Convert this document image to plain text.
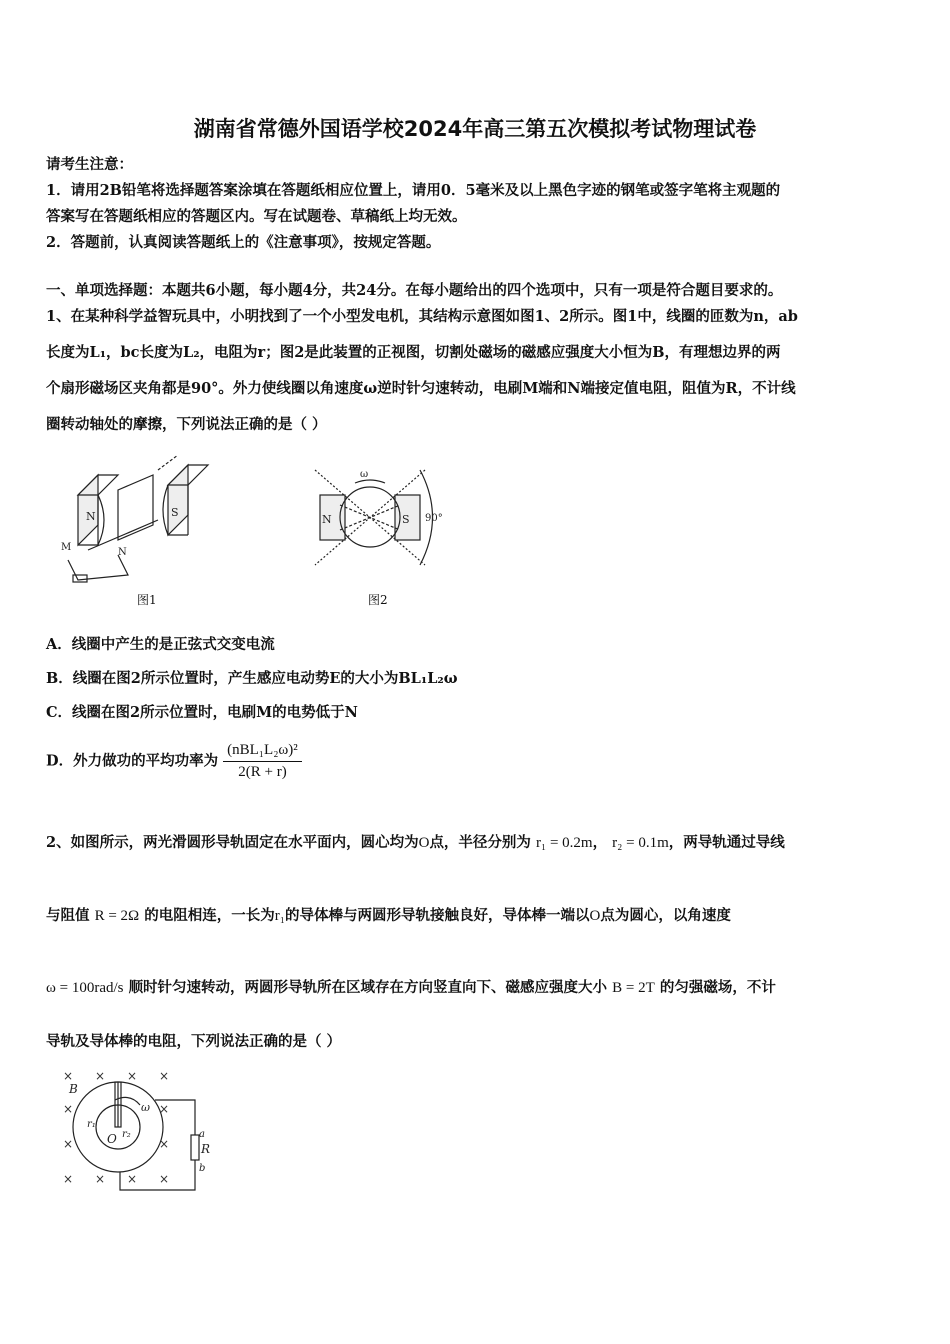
湖南省常德外国语学校2024年高三第五次模拟考试物理试卷
请考生注意：
1．请用2B铅笔将选择题答案涂填在答题纸相应位置上，请用0．5毫米及以上黑色字迹的钢笔或签字笔将主观题的
答案写在答题纸相应的答题区内。写在试题卷、草稿纸上均无效。
2．答题前，认真阅读答题纸上的《注意事项》，按规定答题。
一、单项选择题：本题共6小题，每小题4分，共24分。在每小题给出的四个选项中，只有一项是符合题目要求的。
1、在某种科学益智玩具中，小明找到了一个小型发电机，其结构示意图如图1、2所示。图1中，线圈的匝数为n，ab
长度为L₁，bc长度为L₂，电阻为r；图2是此装置的正视图，切割处磁场的磁感应强度大小恒为B，有理想边界的两
个扇形磁场区夹角都是90°。外力使线圈以角速度ω逆时针匀速转动，电刷M端和N端接定值电阻，阻值为R，不计线
圈转动轴处的摩擦，下列说法正确的是（ ）
N	S
M	N
图1
N	S
ω
90°
图2
A．线圈中产生的是正弦式交变电流
B．线圈在图2所示位置时，产生感应电动势E的大小为BL₁L₂ω
C．线圈在图2所示位置时，电刷M的电势低于N
D．外力做功的平均功率为 $\frac{\text{(nBL₁L₂ω)²}}{2(R + r)}$
2、如图所示，两光滑圆形导轨固定在水平面内，圆心均为O点，半径分别为 r₁ = 0.2m， r₂ = 0.1m，两导轨通过导线
与阻值 R = 2Ω 的电阻相连，一长为r₁的导体棒与两圆形导轨接触良好，导体棒一端以O点为圆心，以角速度
ω = 100rad/s 顺时针匀速转动，两圆形导轨所在区域存在方向竖直向下、磁感应强度大小 B = 2T 的匀强磁场，不计
导轨及导体棒的电阻，下列说法正确的是（ ）
× × × ×
×	×
×	×
× × × ×
B
O
r₁
r₂
ω
a
R
b
